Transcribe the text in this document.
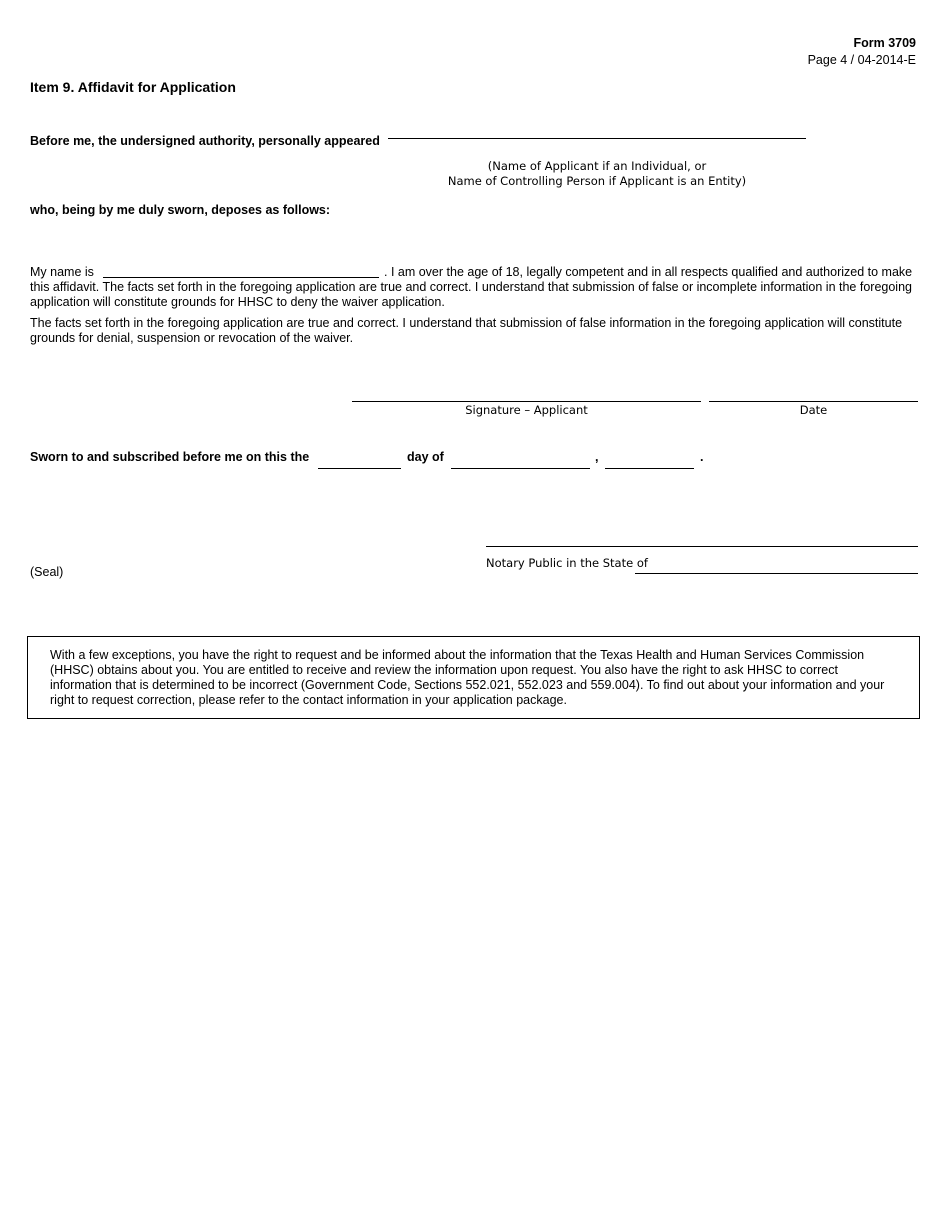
Form 3709
Page 4 / 04-2014-E
Item 9. Affidavit for Application
Before me, the undersigned authority, personally appeared
(Name of Applicant if an Individual, or
Name of Controlling Person if Applicant is an Entity)
who, being by me duly sworn, deposes as follows:
My name is	. I am over the age of 18, legally competent and in all respects qualified and authorized to make
this affidavit. The facts set forth in the foregoing application are true and correct. I understand that submission of false or incomplete information in the foregoing application will constitute grounds for HHSC to deny the waiver application.
The facts set forth in the foregoing application are true and correct. I understand that submission of false information in the foregoing application will constitute grounds for denial, suspension or revocation of the waiver.
Signature – Applicant	Date
Sworn to and subscribed before me on this the	day of	,	.
(Seal)
Notary Public in the State of
With a few exceptions, you have the right to request and be informed about the information that the Texas Health and Human Services Commission (HHSC) obtains about you. You are entitled to receive and review the information upon request. You also have the right to ask HHSC to correct information that is determined to be incorrect (Government Code, Sections 552.021, 552.023 and 559.004). To find out about your information and your right to request correction, please refer to the contact information in your application package.
